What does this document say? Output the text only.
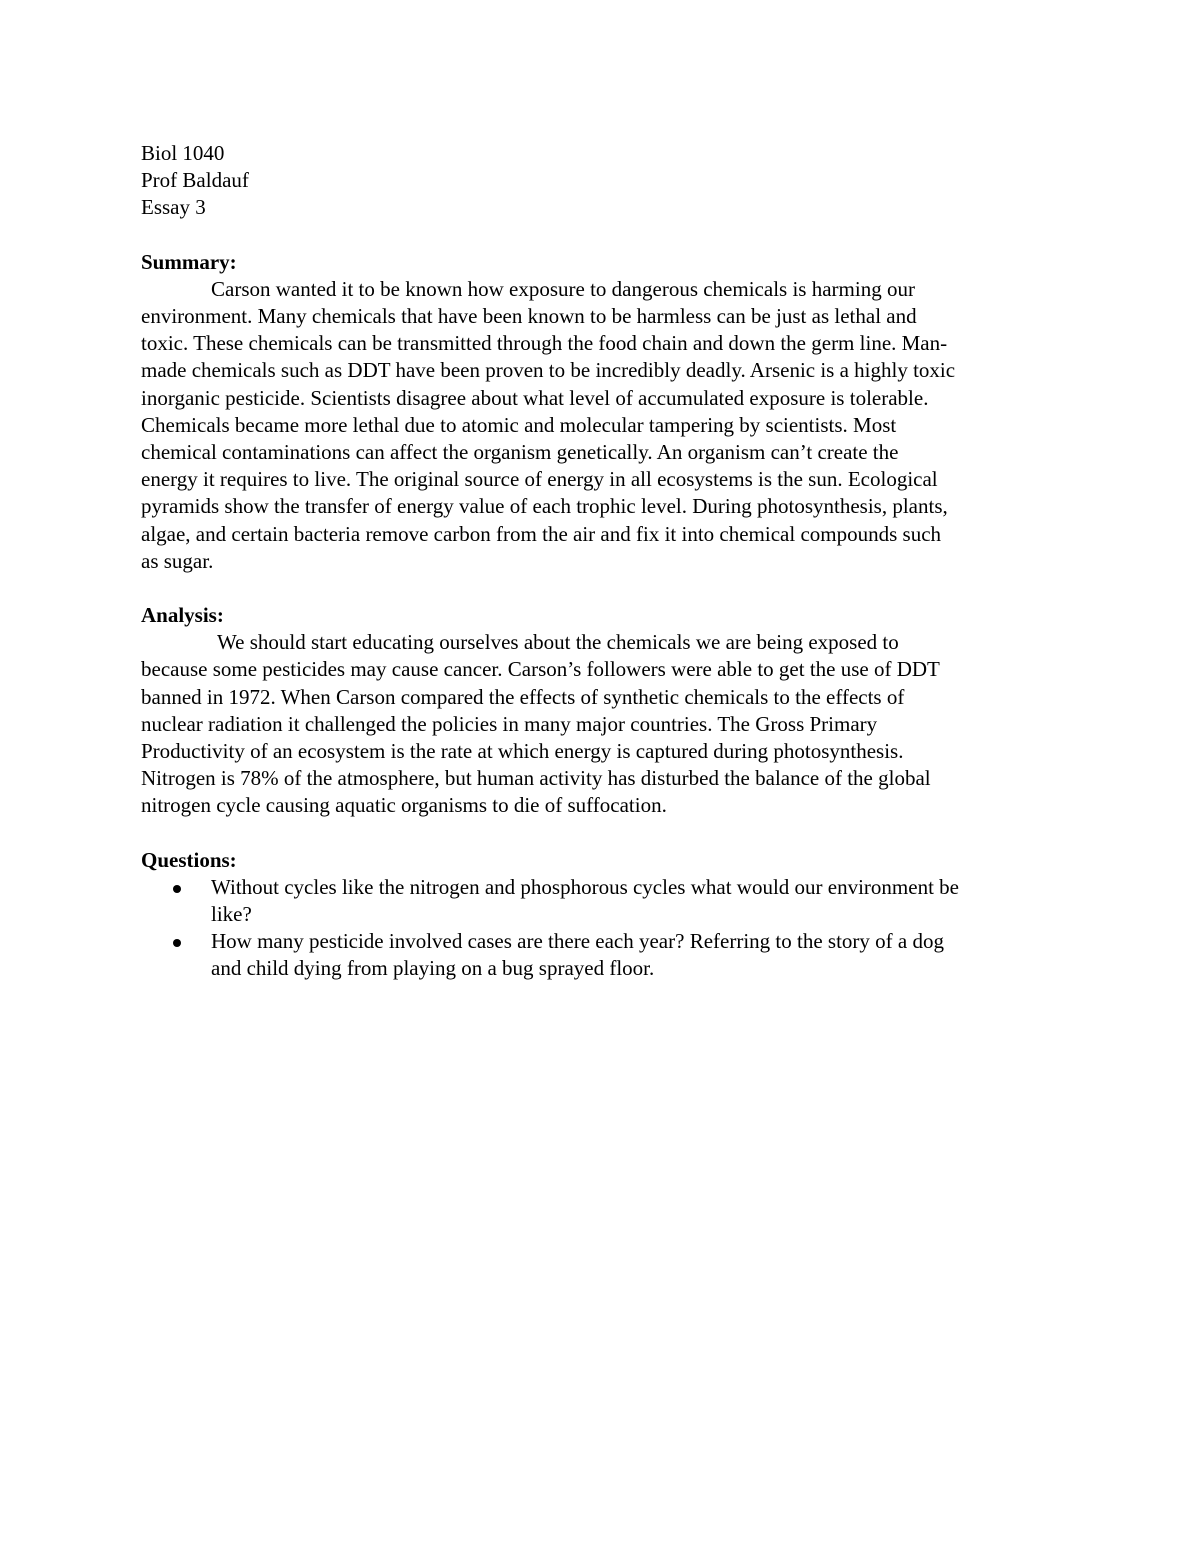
Biol 1040
Prof Baldauf
Essay 3
Summary:
Carson wanted it to be known how exposure to dangerous chemicals is harming our
environment. Many chemicals that have been known to be harmless can be just as lethal and
toxic. These chemicals can be transmitted through the food chain and down the germ line. Man-
made chemicals such as DDT have been proven to be incredibly deadly. Arsenic is a highly toxic
inorganic pesticide. Scientists disagree about what level of accumulated exposure is tolerable.
Chemicals became more lethal due to atomic and molecular tampering by scientists. Most
chemical contaminations can affect the organism genetically. An organism can’t create the
energy it requires to live. The original source of energy in all ecosystems is the sun. Ecological
pyramids show the transfer of energy value of each trophic level. During photosynthesis, plants,
algae, and certain bacteria remove carbon from the air and fix it into chemical compounds such
as sugar.
Analysis:
We should start educating ourselves about the chemicals we are being exposed to
because some pesticides may cause cancer. Carson’s followers were able to get the use of DDT
banned in 1972. When Carson compared the effects of synthetic chemicals to the effects of
nuclear radiation it challenged the policies in many major countries. The Gross Primary
Productivity of an ecosystem is the rate at which energy is captured during photosynthesis.
Nitrogen is 78% of the atmosphere, but human activity has disturbed the balance of the global
nitrogen cycle causing aquatic organisms to die of suffocation.
Questions:
Without cycles like the nitrogen and phosphorous cycles what would our environment be
like?
How many pesticide involved cases are there each year? Referring to the story of a dog
and child dying from playing on a bug sprayed floor.
